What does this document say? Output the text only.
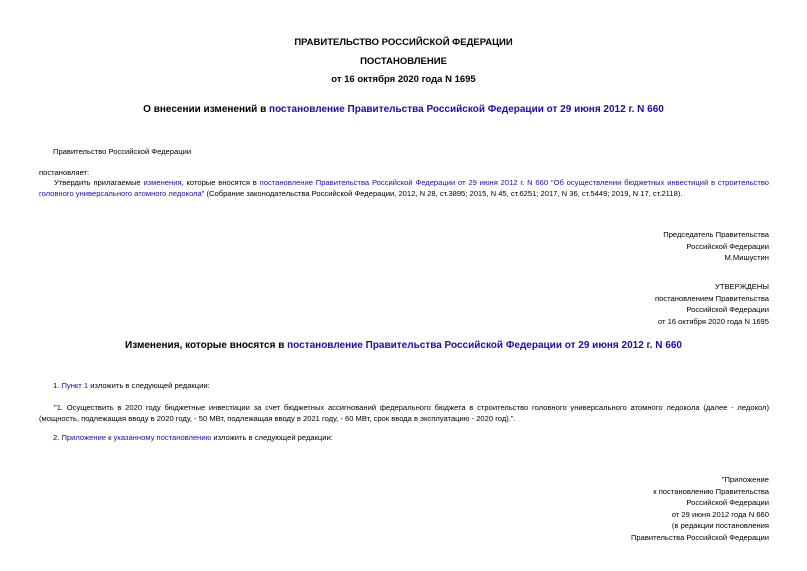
ПРАВИТЕЛЬСТВО РОССИЙСКОЙ ФЕДЕРАЦИИ
ПОСТАНОВЛЕНИЕ
от 16 октября 2020 года N 1695
О внесении изменений в постановление Правительства Российской Федерации от 29 июня 2012 г. N 660
Правительство Российской Федерации
постановляет:
Утвердить прилагаемые изменения, которые вносятся в постановление Правительства Российской Федерации от 29 июня 2012 г. N 660 "Об осуществлении бюджетных инвестиций в строительство головного универсального атомного ледокола" (Собрание законодательства Российской Федерации, 2012, N 28, ст.3895; 2015, N 45, ст.6251; 2017, N 36, ст.5449; 2019, N 17, ст.2118).
Председатель Правительства
Российской Федерации
М.Мишустин
УТВЕРЖДЕНЫ
постановлением Правительства
Российской Федерации
от 16 октября 2020 года N 1695
Изменения, которые вносятся в постановление Правительства Российской Федерации от 29 июня 2012 г. N 660
1. Пункт 1 изложить в следующей редакции:
"1. Осуществить в 2020 году бюджетные инвестиции за счет бюджетных ассигнований федерального бюджета в строительство головного универсального атомного ледокола (далее - ледокол) (мощность, подлежащая вводу в 2020 году, - 50 МВт, подлежащая вводу в 2021 году, - 60 МВт, срок ввода в эксплуатацию - 2020 год).".
2. Приложение к указанному постановлению изложить в следующей редакции:
"Приложение
к постановлению Правительства
Российской Федерации
от 29 июня 2012 года N 660
(в редакции постановления
Правительства Российской Федерации
